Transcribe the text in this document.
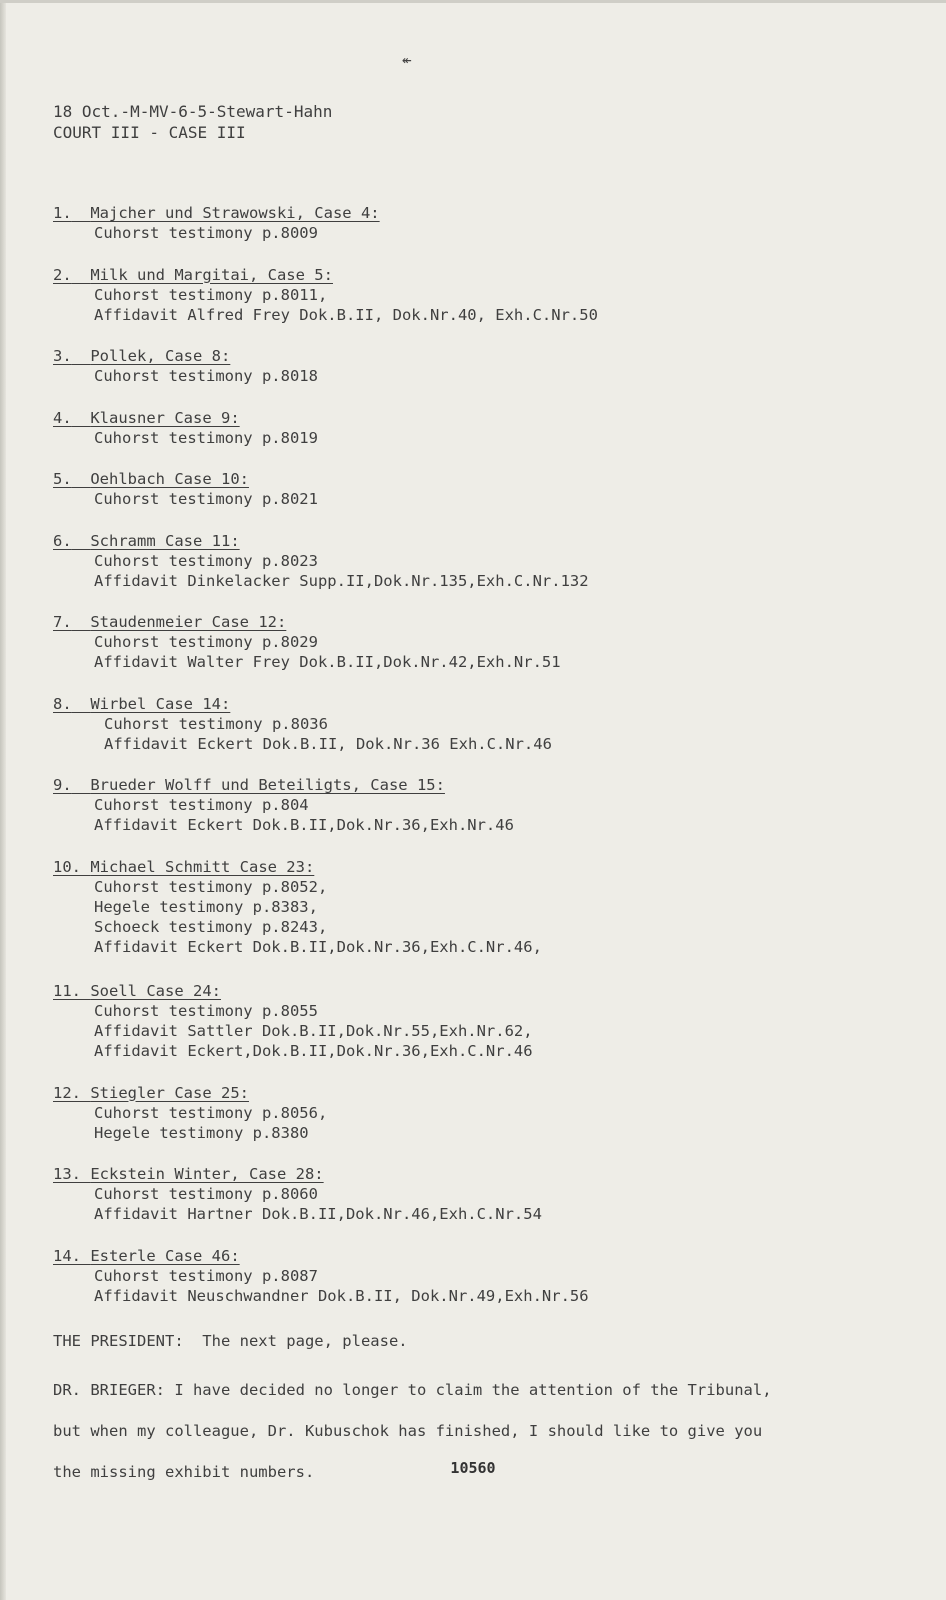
↞
18 Oct.-M-MV-6-5-Stewart-Hahn
COURT III - CASE III
1. Majcher und Strawowski, Case 4:
Cuhorst testimony p.8009
2. Milk und Margitai, Case 5:
Cuhorst testimony p.8011,
Affidavit Alfred Frey Dok.B.II, Dok.Nr.40, Exh.C.Nr.50
3. Pollek, Case 8:
Cuhorst testimony p.8018
4. Klausner Case 9:
Cuhorst testimony p.8019
5. Oehlbach Case 10:
Cuhorst testimony p.8021
6. Schramm Case 11:
Cuhorst testimony p.8023
Affidavit Dinkelacker Supp.II,Dok.Nr.135,Exh.C.Nr.132
7. Staudenmeier Case 12:
Cuhorst testimony p.8029
Affidavit Walter Frey Dok.B.II,Dok.Nr.42,Exh.Nr.51
8. Wirbel Case 14:
Cuhorst testimony p.8036
Affidavit Eckert Dok.B.II, Dok.Nr.36 Exh.C.Nr.46
9. Brueder Wolff und Beteiligts, Case 15:
Cuhorst testimony p.804
Affidavit Eckert Dok.B.II,Dok.Nr.36,Exh.Nr.46
10. Michael Schmitt Case 23:
Cuhorst testimony p.8052,
Hegele testimony p.8383,
Schoeck testimony p.8243,
Affidavit Eckert Dok.B.II,Dok.Nr.36,Exh.C.Nr.46,
11. Soell Case 24:
Cuhorst testimony p.8055
Affidavit Sattler Dok.B.II,Dok.Nr.55,Exh.Nr.62,
Affidavit Eckert,Dok.B.II,Dok.Nr.36,Exh.C.Nr.46
12. Stiegler Case 25:
Cuhorst testimony p.8056,
Hegele testimony p.8380
13. Eckstein Winter, Case 28:
Cuhorst testimony p.8060
Affidavit Hartner Dok.B.II,Dok.Nr.46,Exh.C.Nr.54
14. Esterle Case 46:
Cuhorst testimony p.8087
Affidavit Neuschwandner Dok.B.II, Dok.Nr.49,Exh.Nr.56
THE PRESIDENT:  The next page, please.
DR. BRIEGER: I have decided no longer to claim the attention of the Tribunal, but when my colleague, Dr. Kubuschok has finished, I should like to give you the missing exhibit numbers.	10560
